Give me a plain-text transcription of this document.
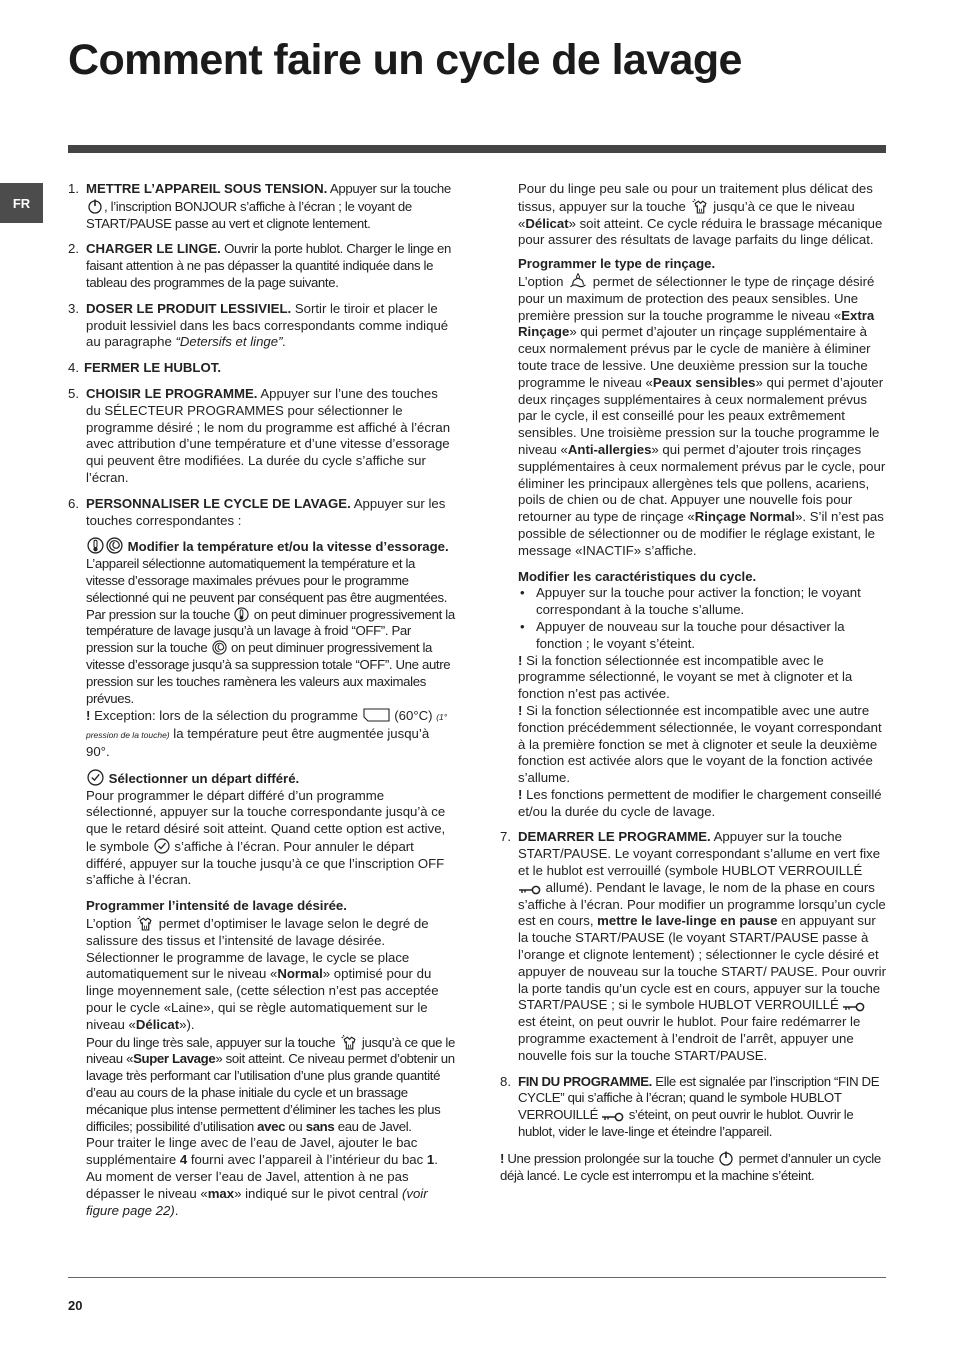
Comment faire un cycle de lavage
FR
1. METTRE L’APPAREIL SOUS TENSION. Appuyer sur la touche
, l’inscription BONJOUR s’affiche à l’écran ; le voyant de START/PAUSE passe au vert et clignote lentement.

2. CHARGER LE LINGE. Ouvrir la porte hublot. Charger le linge en faisant attention à ne pas dépasser la quantité indiquée dans le tableau des programmes de la page suivante.

3. DOSER LE PRODUIT LESSIVIEL. Sortir le tiroir et placer le produit lessiviel dans les bacs correspondants comme indiqué au paragraphe “Detersifs et linge”.

4. FERMER LE HUBLOT.

5. CHOISIR LE PROGRAMME. Appuyer sur l’une des touches du SÉLECTEUR PROGRAMMES pour sélectionner le programme désiré ; le nom du programme est affiché à l’écran avec attribution d’une température et d’une vitesse d’essorage qui peuvent être modifiées. La durée du cycle s’affiche sur l’écran.

6. PERSONNALISER LE CYCLE DE LAVAGE. Appuyer sur les touches correspondantes :

Modifier la température et/ou la vitesse d’essorage. L’appareil sélectionne automatiquement la température et la vitesse d’essorage maximales prévues pour le programme sélectionné qui ne peuvent par conséquent pas être augmentées. Par pression sur la touche
on peut diminuer progressivement la température de lavage jusqu’à un lavage à froid “OFF”. Par pression sur la touche
on peut diminuer progressivement la vitesse d’essorage jusqu’à sa suppression totale “OFF”. Une autre pression sur les touches ramènera les valeurs aux maximales prévues.

! Exception: lors de la sélection du programme
(60°C) (1° pression de la touche) la température peut être augmentée jusqu’à 90°.

Sélectionner un départ différé.
Pour programmer le départ différé d’un programme sélectionné, appuyer sur la touche correspondante jusqu’à ce que le retard désiré soit atteint. Quand cette option est active, le symbole
s’affiche à l’écran. Pour annuler le départ différé, appuyer sur la touche jusqu’à ce que l’inscription OFF s’affiche à l’écran.

Programmer l’intensité de lavage désirée.

L’option
permet d’optimiser le lavage selon le degré de salissure des tissus et l’intensité de lavage désirée. Sélectionner le programme de lavage, le cycle se place automatiquement sur le niveau «Normal» optimisé pour du linge moyennement sale, (cette sélection n’est pas acceptée pour le cycle «Laine», qui se règle automatiquement sur le niveau «Délicat»).

Pour du linge très sale, appuyer sur la touche
jusqu’à ce que le niveau «Super Lavage» soit atteint. Ce niveau permet d’obtenir un lavage très performant car l’utilisation d’une plus grande quantité d’eau au cours de la phase initiale du cycle et un brassage mécanique plus intense permettent d’éliminer les taches les plus difficiles; possibilité d’utilisation avec ou sans eau de Javel.

Pour traiter le linge avec de l’eau de Javel, ajouter le bac supplémentaire 4 fourni avec l’appareil à l’intérieur du bac 1. Au moment de verser l’eau de Javel, attention à ne pas dépasser le niveau «max» indiqué sur le pivot central (voir figure page 22).

Pour du linge peu sale ou pour un traitement plus délicat des tissus, appuyer sur la touche
jusqu’à ce que le niveau «Délicat» soit atteint. Ce cycle réduira le brassage mécanique pour assurer des résultats de lavage parfaits du linge délicat.

Programmer le type de rinçage.

L’option
permet de sélectionner le type de rinçage désiré pour un maximum de protection des peaux sensibles. Une première pression sur la touche programme le niveau «Extra Rinçage» qui permet d’ajouter un rinçage supplémentaire à ceux normalement prévus par le cycle de manière à éliminer toute trace de lessive. Une deuxième pression sur la touche programme le niveau «Peaux sensibles» qui permet d’ajouter deux rinçages supplémentaires à ceux normalement prévus par le cycle, il est conseillé pour les peaux extrêmement sensibles. Une troisième pression sur la touche programme le niveau «Anti-allergies» qui permet d’ajouter trois rinçages supplémentaires à ceux normalement prévus par le cycle, pour éliminer les principaux allergènes tels que pollens, acariens, poils de chien ou de chat. Appuyer une nouvelle fois pour retourner au type de rinçage «Rinçage Normal». S’il n’est pas possible de sélectionner ou de modifier le réglage existant, le message «INACTIF» s’affiche.

Modifier les caractéristiques du cycle.

• Appuyer sur la touche pour activer la fonction; le voyant correspondant à la touche s’allume.
• Appuyer de nouveau sur la touche pour désactiver la fonction ; le voyant s’éteint.

! Si la fonction sélectionnée est incompatible avec le programme sélectionné, le voyant se met à clignoter et la fonction n’est pas activée.

! Si la fonction sélectionnée est incompatible avec une autre fonction précédemment sélectionnée, le voyant correspondant à la première fonction se met à clignoter et seule la deuxième fonction est activée alors que le voyant de la fonction activée s’allume.

! Les fonctions permettent de modifier le chargement conseillé et/ou la durée du cycle de lavage.

7. DEMARRER LE PROGRAMME. Appuyer sur la touche START/PAUSE. Le voyant correspondant s’allume en vert fixe et le hublot est verrouillé (symbole HUBLOT VERROUILLÉ
allumé). Pendant le lavage, le nom de la phase en cours s’affiche à l’écran. Pour modifier un programme lorsqu’un cycle est en cours, mettre le lave-linge en pause en appuyant sur la touche START/PAUSE (le voyant START/PAUSE passe à l’orange et clignote lentement) ; sélectionner le cycle désiré et appuyer de nouveau sur la touche START/ PAUSE. Pour ouvrir la porte tandis qu’un cycle est en cours, appuyer sur la touche START/PAUSE ; si le symbole HUBLOT VERROUILLÉ
est éteint, on peut ouvrir le hublot. Pour faire redémarrer le programme exactement à l’endroit de l’arrêt, appuyer une nouvelle fois sur la touche START/PAUSE.

8. FIN DU PROGRAMME. Elle est signalée par l’inscription “FIN DE CYCLE” qui s’affiche à l’écran; quand le symbole HUBLOT VERROUILLÉ
s’éteint, on peut ouvrir le hublot. Ouvrir le hublot, vider le lave-linge et éteindre l’appareil.

! Une pression prolongée sur la touche
permet d’annuler un cycle déjà lancé. Le cycle est interrompu et la machine s’éteint.

20
